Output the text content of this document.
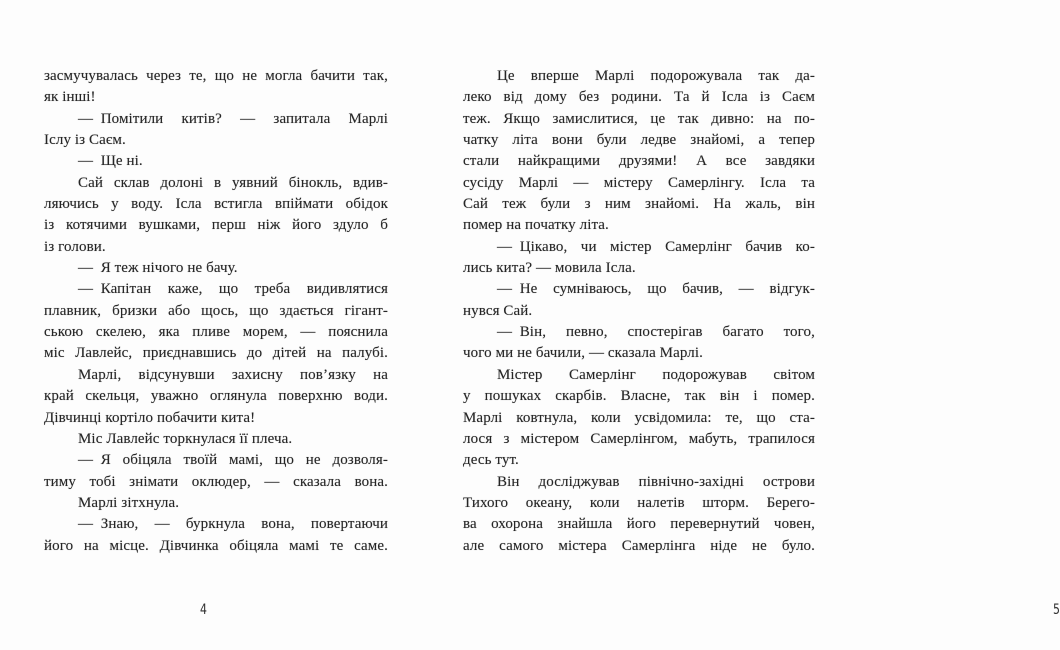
засмучувалась через те, що не могла бачити так,
як інші!
— Помітили китів? — запитала Марлі
Іслу із Саєм.
— Ще ні.
Сай склав долоні в уявний бінокль, вдив-
ляючись у воду. Ісла встигла впіймати обідок
із котячими вушками, перш ніж його здуло б
із голови.
— Я теж нічого не бачу.
— Капітан каже, що треба видивлятися
плавник, бризки або щось, що здається гігант-
ською скелею, яка пливе морем, — пояснила
міс Лавлейс, приєднавшись до дітей на палубі.
Марлі, відсунувши захисну пов’язку на
край скельця, уважно оглянула поверхню води.
Дівчинці кортіло побачити кита!
Міс Лавлейс торкнулася її плеча.
— Я обіцяла твоїй мамі, що не дозволя-
тиму тобі знімати оклюдер, — сказала вона.
Марлі зітхнула.
— Знаю, — буркнула вона, повертаючи
його на місце. Дівчинка обіцяла мамі те саме.
4
Це вперше Марлі подорожувала так да-
леко від дому без родини. Та й Ісла із Саєм
теж. Якщо замислитися, це так дивно: на по-
чатку літа вони були ледве знайомі, а тепер
стали найкращими друзями! А все завдяки
сусіду Марлі — містеру Самерлінгу. Ісла та
Сай теж були з ним знайомі. На жаль, він
помер на початку літа.
— Цікаво, чи містер Самерлінг бачив ко-
лись кита? — мовила Ісла.
— Не сумніваюсь, що бачив, — відгук-
нувся Сай.
— Він, певно, спостерігав багато того,
чого ми не бачили, — сказала Марлі.
Містер Самерлінг подорожував світом
у пошуках скарбів. Власне, так він і помер.
Марлі ковтнула, коли усвідомила: те, що ста-
лося з містером Самерлінгом, мабуть, трапилося
десь тут.
Він досліджував північно-західні острови
Тихого океану, коли налетів шторм. Берего-
ва охорона знайшла його перевернутий човен,
але самого містера Самерлінга ніде не було.
5
